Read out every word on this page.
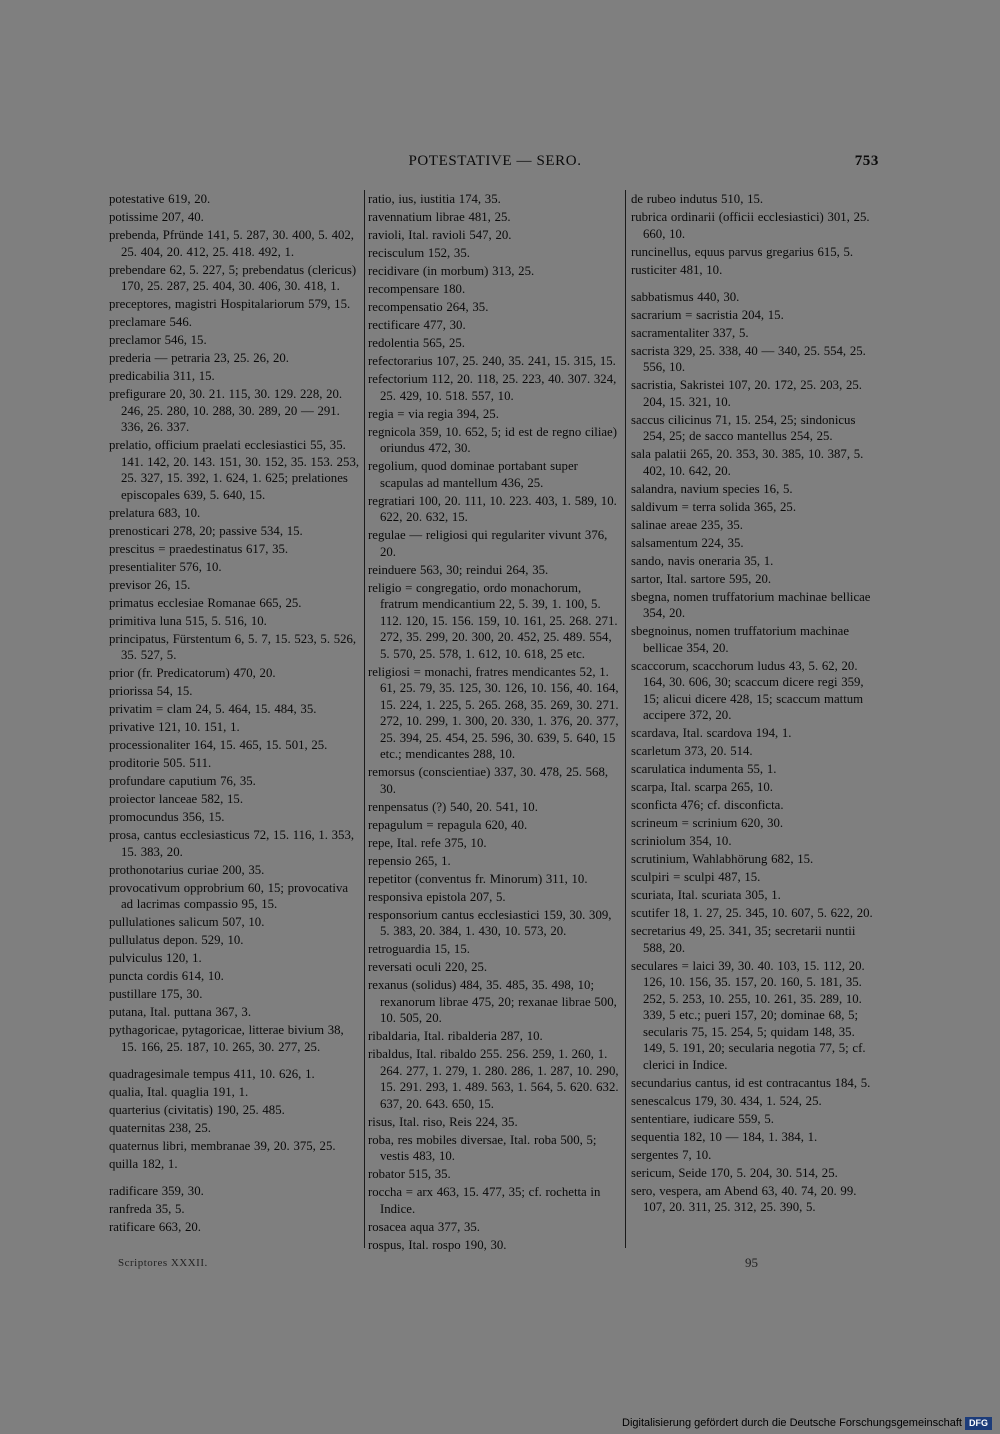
POTESTATIVE — SERO.	753
potestative 619, 20.
potissime 207, 40.
prebenda, Pfründe 141, 5. 287, 30. 400, 5. 402, 25. 404, 20. 412, 25. 418. 492, 1.
prebendare 62, 5. 227, 5; prebendatus (clericus) 170, 25. 287, 25. 404, 30. 406, 30. 418, 1.
preceptores, magistri Hospitalariorum 579, 15.
preclamare 546.
preclamor 546, 15.
prederia — petraria 23, 25. 26, 20.
predicabilia 311, 15.
prefigurare 20, 30. 21. 115, 30. 129. 228, 20. 246, 25. 280, 10. 288, 30. 289, 20 — 291. 336, 26. 337.
prelatio, officium praelati ecclesiastici 55, 35. 141. 142, 20. 143. 151, 30. 152, 35. 153. 253, 25. 327, 15. 392, 1. 624, 1. 625; prelationes episcopales 639, 5. 640, 15.
prelatura 683, 10.
prenosticari 278, 20; passive 534, 15.
prescitus = praedestinatus 617, 35.
presentialiter 576, 10.
previsor 26, 15.
primatus ecclesiae Romanae 665, 25.
primitiva luna 515, 5. 516, 10.
principatus, Fürstentum 6, 5. 7, 15. 523, 5. 526, 35. 527, 5.
prior (fr. Predicatorum) 470, 20.
priorissa 54, 15.
privatim = clam 24, 5. 464, 15. 484, 35.
privative 121, 10. 151, 1.
processionaliter 164, 15. 465, 15. 501, 25.
proditorie 505. 511.
profundare caputium 76, 35.
proiector lanceae 582, 15.
promocundus 356, 15.
prosa, cantus ecclesiasticus 72, 15. 116, 1. 353, 15. 383, 20.
prothonotarius curiae 200, 35.
provocativum opprobrium 60, 15; provocativa ad lacrimas compassio 95, 15.
pullulationes salicum 507, 10.
pullulatus depon. 529, 10.
pulviculus 120, 1.
puncta cordis 614, 10.
pustillare 175, 30.
putana, Ital. puttana 367, 3.
pythagoricae, pytagoricae, litterae bivium 38, 15. 166, 25. 187, 10. 265, 30. 277, 25.
quadragesimale tempus 411, 10. 626, 1.
qualia, Ital. quaglia 191, 1.
quarterius (civitatis) 190, 25. 485.
quaternitas 238, 25.
quaternus libri, membranae 39, 20. 375, 25.
quilla 182, 1.
radificare 359, 30.
ranfreda 35, 5.
ratificare 663, 20.
ratio, ius, iustitia 174, 35.
ravennatium librae 481, 25.
ravioli, Ital. ravioli 547, 20.
recisculum 152, 35.
recidivare (in morbum) 313, 25.
recompensare 180.
recompensatio 264, 35.
rectificare 477, 30.
redolentia 565, 25.
refectorarius 107, 25. 240, 35. 241, 15. 315, 15.
refectorium 112, 20. 118, 25. 223, 40. 307. 324, 25. 429, 10. 518. 557, 10.
regia = via regia 394, 25.
regnicola 359, 10. 652, 5; id est de regno ciliae) oriundus 472, 30.
regolium, quod dominae portabant super scapulas ad mantellum 436, 25.
regratiari 100, 20. 111, 10. 223. 403, 1. 589, 10. 622, 20. 632, 15.
regulae — religiosi qui regulariter vivunt 376, 20.
reinduere 563, 30; reindui 264, 35.
religio = congregatio, ordo monachorum, fratrum mendicantium 22, 5. 39, 1. 100, 5. 112. 120, 15. 156. 159, 10. 161, 25. 268. 271. 272, 35. 299, 20. 300, 20. 452, 25. 489. 554, 5. 570, 25. 578, 1. 612, 10. 618, 25 etc.
religiosi = monachi, fratres mendicantes 52, 1. 61, 25. 79, 35. 125, 30. 126, 10. 156, 40. 164, 15. 224, 1. 225, 5. 265. 268, 35. 269, 30. 271. 272, 10. 299, 1. 300, 20. 330, 1. 376, 20. 377, 25. 394, 25. 454, 25. 596, 30. 639, 5. 640, 15 etc.; mendicantes 288, 10.
remorsus (conscientiae) 337, 30. 478, 25. 568, 30.
renpensatus (?) 540, 20. 541, 10.
repagulum = repagula 620, 40.
repe, Ital. refe 375, 10.
repensio 265, 1.
repetitor (conventus fr. Minorum) 311, 10.
responsiva epistola 207, 5.
responsorium cantus ecclesiastici 159, 30. 309, 5. 383, 20. 384, 1. 430, 10. 573, 20.
retroguardia 15, 15.
reversati oculi 220, 25.
rexanus (solidus) 484, 35. 485, 35. 498, 10; rexanorum librae 475, 20; rexanae librae 500, 10. 505, 20.
ribaldaria, Ital. ribalderia 287, 10.
ribaldus, Ital. ribaldo 255. 256. 259, 1. 260, 1. 264. 277, 1. 279, 1. 280. 286, 1. 287, 10. 290, 15. 291. 293, 1. 489. 563, 1. 564, 5. 620. 632. 637, 20. 643. 650, 15.
risus, Ital. riso, Reis 224, 35.
roba, res mobiles diversae, Ital. roba 500, 5; vestis 483, 10.
robator 515, 35.
roccha = arx 463, 15. 477, 35; cf. rochetta in Indice.
rosacea aqua 377, 35.
rospus, Ital. rospo 190, 30.
de rubeo indutus 510, 15.
rubrica ordinarii (officii ecclesiastici) 301, 25. 660, 10.
runcinellus, equus parvus gregarius 615, 5.
rusticiter 481, 10.
sabbatismus 440, 30.
sacrarium = sacristia 204, 15.
sacramentaliter 337, 5.
sacrista 329, 25. 338, 40 — 340, 25. 554, 25. 556, 10.
sacristia, Sakristei 107, 20. 172, 25. 203, 25. 204, 15. 321, 10.
saccus cilicinus 71, 15. 254, 25; sindonicus 254, 25; de sacco mantellus 254, 25.
sala palatii 265, 20. 353, 30. 385, 10. 387, 5. 402, 10. 642, 20.
salandra, navium species 16, 5.
saldivum = terra solida 365, 25.
salinae areae 235, 35.
salsamentum 224, 35.
sando, navis oneraria 35, 1.
sartor, Ital. sartore 595, 20.
sbegna, nomen truffatorium machinae bellicae 354, 20.
sbegnoinus, nomen truffatorium machinae bellicae 354, 20.
scaccorum, scacchorum ludus 43, 5. 62, 20. 164, 30. 606, 30; scaccum dicere regi 359, 15; alicui dicere 428, 15; scaccum mattum accipere 372, 20.
scardava, Ital. scardova 194, 1.
scarletum 373, 20. 514.
scarulatica indumenta 55, 1.
scarpa, Ital. scarpa 265, 10.
sconficta 476; cf. disconficta.
scrineum = scrinium 620, 30.
scriniolum 354, 10.
scrutinium, Wahlabhörung 682, 15.
sculpiri = sculpi 487, 15.
scuriata, Ital. scuriata 305, 1.
scutifer 18, 1. 27, 25. 345, 10. 607, 5. 622, 20.
secretarius 49, 25. 341, 35; secretarii nuntii 588, 20.
seculares = laici 39, 30. 40. 103, 15. 112, 20. 126, 10. 156, 35. 157, 20. 160, 5. 181, 35. 252, 5. 253, 10. 255, 10. 261, 35. 289, 10. 339, 5 etc.; pueri 157, 20; dominae 68, 5; secularis 75, 15. 254, 5; quidam 148, 35. 149, 5. 191, 20; secularia negotia 77, 5; cf. clerici in Indice.
secundarius cantus, id est contracantus 184, 5.
senescalcus 179, 30. 434, 1. 524, 25.
sententiare, iudicare 559, 5.
sequentia 182, 10 — 184, 1. 384, 1.
sergentes 7, 10.
sericum, Seide 170, 5. 204, 30. 514, 25.
sero, vespera, am Abend 63, 40. 74, 20. 99. 107, 20. 311, 25. 312, 25. 390, 5.
Scriptores XXXII.	95
Digitalisierung gefördert durch die Deutsche Forschungsgemeinschaft DFG
